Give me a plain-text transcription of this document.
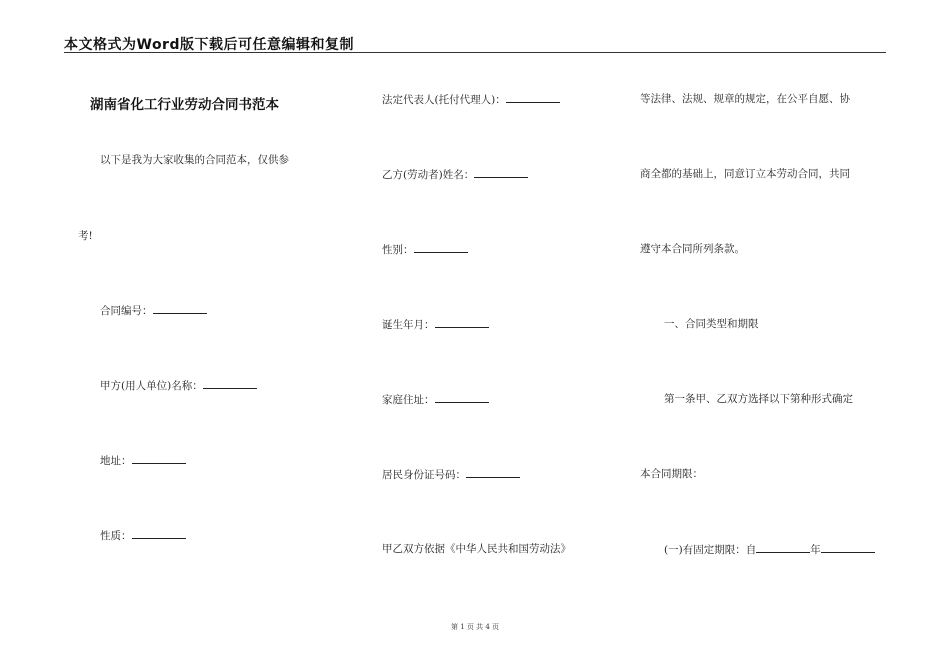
本文格式为Word版下载后可任意编辑和复制
湖南省化工行业劳动合同书范本
以下是我为大家收集的合同范本，仅供参
考!
合同编号：
甲方(用人单位)名称：
地址：
性质：
法定代表人(托付代理人)：
乙方(劳动者)姓名：
性别：
诞生年月：
家庭住址：
居民身份证号码：
甲乙双方依据《中华人民共和国劳动法》
等法律、法规、规章的规定，在公平自愿、协
商全都的基础上，同意订立本劳动合同，共同
遵守本合同所列条款。
一、合同类型和期限
第一条甲、乙双方选择以下第种形式确定
本合同期限：
(一)有固定期限：自	年
第 1 页 共 4 页
